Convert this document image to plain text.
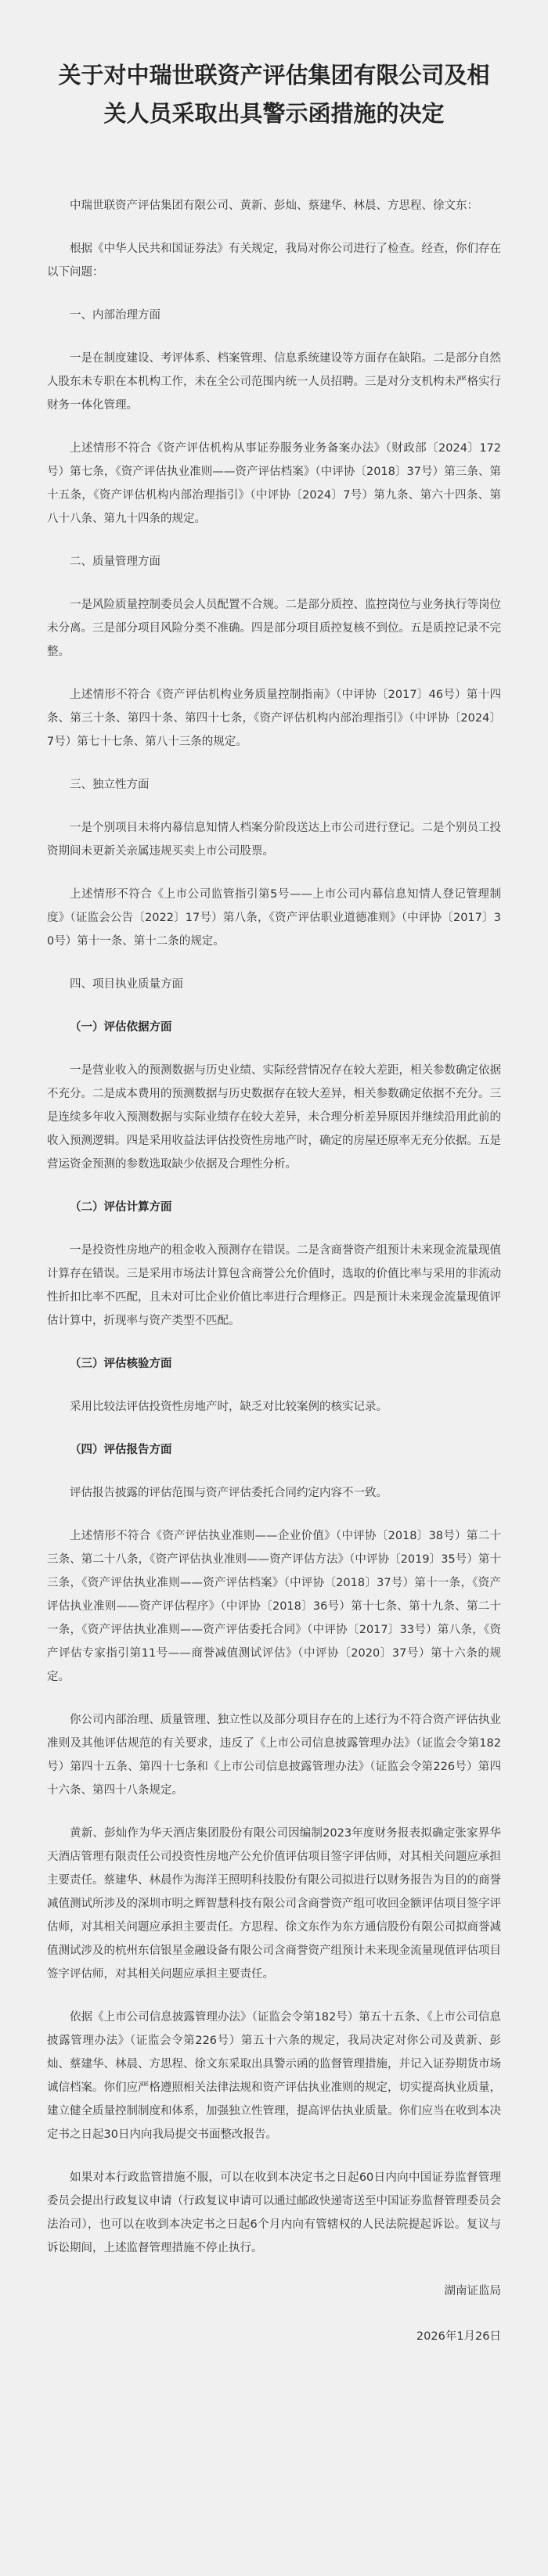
关于对中瑞世联资产评估集团有限公司及相关人员采取出具警示函措施的决定

中瑞世联资产评估集团有限公司、黄新、彭灿、蔡建华、林晨、方思程、徐文东：

根据《中华人民共和国证券法》有关规定，我局对你公司进行了检查。经查，你们存在以下问题：

一、内部治理方面

一是在制度建设、考评体系、档案管理、信息系统建设等方面存在缺陷。二是部分自然人股东未专职在本机构工作，未在全公司范围内统一人员招聘。三是对分支机构未严格实行财务一体化管理。

上述情形不符合《资产评估机构从事证券服务业务备案办法》（财政部〔2024〕172号）第七条，《资产评估执业准则——资产评估档案》（中评协〔2018〕37号）第三条、第十五条，《资产评估机构内部治理指引》（中评协〔2024〕7号）第九条、第六十四条、第八十八条、第九十四条的规定。

二、质量管理方面

一是风险质量控制委员会人员配置不合规。二是部分质控、监控岗位与业务执行等岗位未分离。三是部分项目风险分类不准确。四是部分项目质控复核不到位。五是质控记录不完整。

上述情形不符合《资产评估机构业务质量控制指南》（中评协〔2017〕46号）第十四条、第三十条、第四十条、第四十七条，《资产评估机构内部治理指引》（中评协〔2024〕7号）第七十七条、第八十三条的规定。

三、独立性方面

一是个别项目未将内幕信息知情人档案分阶段送达上市公司进行登记。二是个别员工投资期间未更新关亲属违规买卖上市公司股票。

上述情形不符合《上市公司监管指引第5号——上市公司内幕信息知情人登记管理制度》（证监会公告〔2022〕17号）第八条，《资产评估职业道德准则》（中评协〔2017〕30号）第十一条、第十二条的规定。

四、项目执业质量方面

（一）评估依据方面

一是营业收入的预测数据与历史业绩、实际经营情况存在较大差距，相关参数确定依据不充分。二是成本费用的预测数据与历史数据存在较大差异，相关参数确定依据不充分。三是连续多年收入预测数据与实际业绩存在较大差异，未合理分析差异原因并继续沿用此前的收入预测逻辑。四是采用收益法评估投资性房地产时，确定的房屋还原率无充分依据。五是营运资金预测的参数选取缺少依据及合理性分析。

（二）评估计算方面

一是投资性房地产的租金收入预测存在错误。二是含商誉资产组预计未来现金流量现值计算存在错误。三是采用市场法计算包含商誉公允价值时，选取的价值比率与采用的非流动性折扣比率不匹配，且未对可比企业价值比率进行合理修正。四是预计未来现金流量现值评估计算中，折现率与资产类型不匹配。

（三）评估核验方面

采用比较法评估投资性房地产时，缺乏对比较案例的核实记录。

（四）评估报告方面

评估报告披露的评估范围与资产评估委托合同约定内容不一致。

上述情形不符合《资产评估执业准则——企业价值》（中评协〔2018〕38号）第二十三条、第二十八条，《资产评估执业准则——资产评估方法》（中评协〔2019〕35号）第十三条，《资产评估执业准则——资产评估档案》（中评协〔2018〕37号）第十一条，《资产评估执业准则——资产评估程序》（中评协〔2018〕36号）第十七条、第十九条、第二十一条，《资产评估执业准则——资产评估委托合同》（中评协〔2017〕33号）第八条，《资产评估专家指引第11号——商誉减值测试评估》（中评协〔2020〕37号）第十六条的规定。

你公司内部治理、质量管理、独立性以及部分项目存在的上述行为不符合资产评估执业准则及其他评估规范的有关要求，违反了《上市公司信息披露管理办法》（证监会令第182号）第四十五条、第四十七条和《上市公司信息披露管理办法》（证监会令第226号）第四十六条、第四十八条规定。

黄新、彭灿作为华天酒店集团股份有限公司因编制2023年度财务报表拟确定张家界华天酒店管理有限责任公司投资性房地产公允价值评估项目签字评估师，对其相关问题应承担主要责任。蔡建华、林晨作为海洋王照明科技股份有限公司拟进行以财务报告为目的的商誉减值测试所涉及的深圳市明之辉智慧科技有限公司含商誉资产组可收回金额评估项目签字评估师，对其相关问题应承担主要责任。方思程、徐文东作为东方通信股份有限公司拟商誉减值测试涉及的杭州东信银星金融设备有限公司含商誉资产组预计未来现金流量现值评估项目签字评估师，对其相关问题应承担主要责任。

依据《上市公司信息披露管理办法》（证监会令第182号）第五十五条、《上市公司信息披露管理办法》（证监会令第226号）第五十六条的规定，我局决定对你公司及黄新、彭灿、蔡建华、林晨、方思程、徐文东采取出具警示函的监督管理措施，并记入证券期货市场诚信档案。你们应严格遵照相关法律法规和资产评估执业准则的规定，切实提高执业质量，建立健全质量控制制度和体系，加强独立性管理，提高评估执业质量。你们应当在收到本决定书之日起30日内向我局提交书面整改报告。

如果对本行政监管措施不服，可以在收到本决定书之日起60日内向中国证券监督管理委员会提出行政复议申请（行政复议申请可以通过邮政快递寄送至中国证券监督管理委员会法治司），也可以在收到本决定书之日起6个月内向有管辖权的人民法院提起诉讼。复议与诉讼期间，上述监督管理措施不停止执行。

湖南证监局
2026年1月26日
